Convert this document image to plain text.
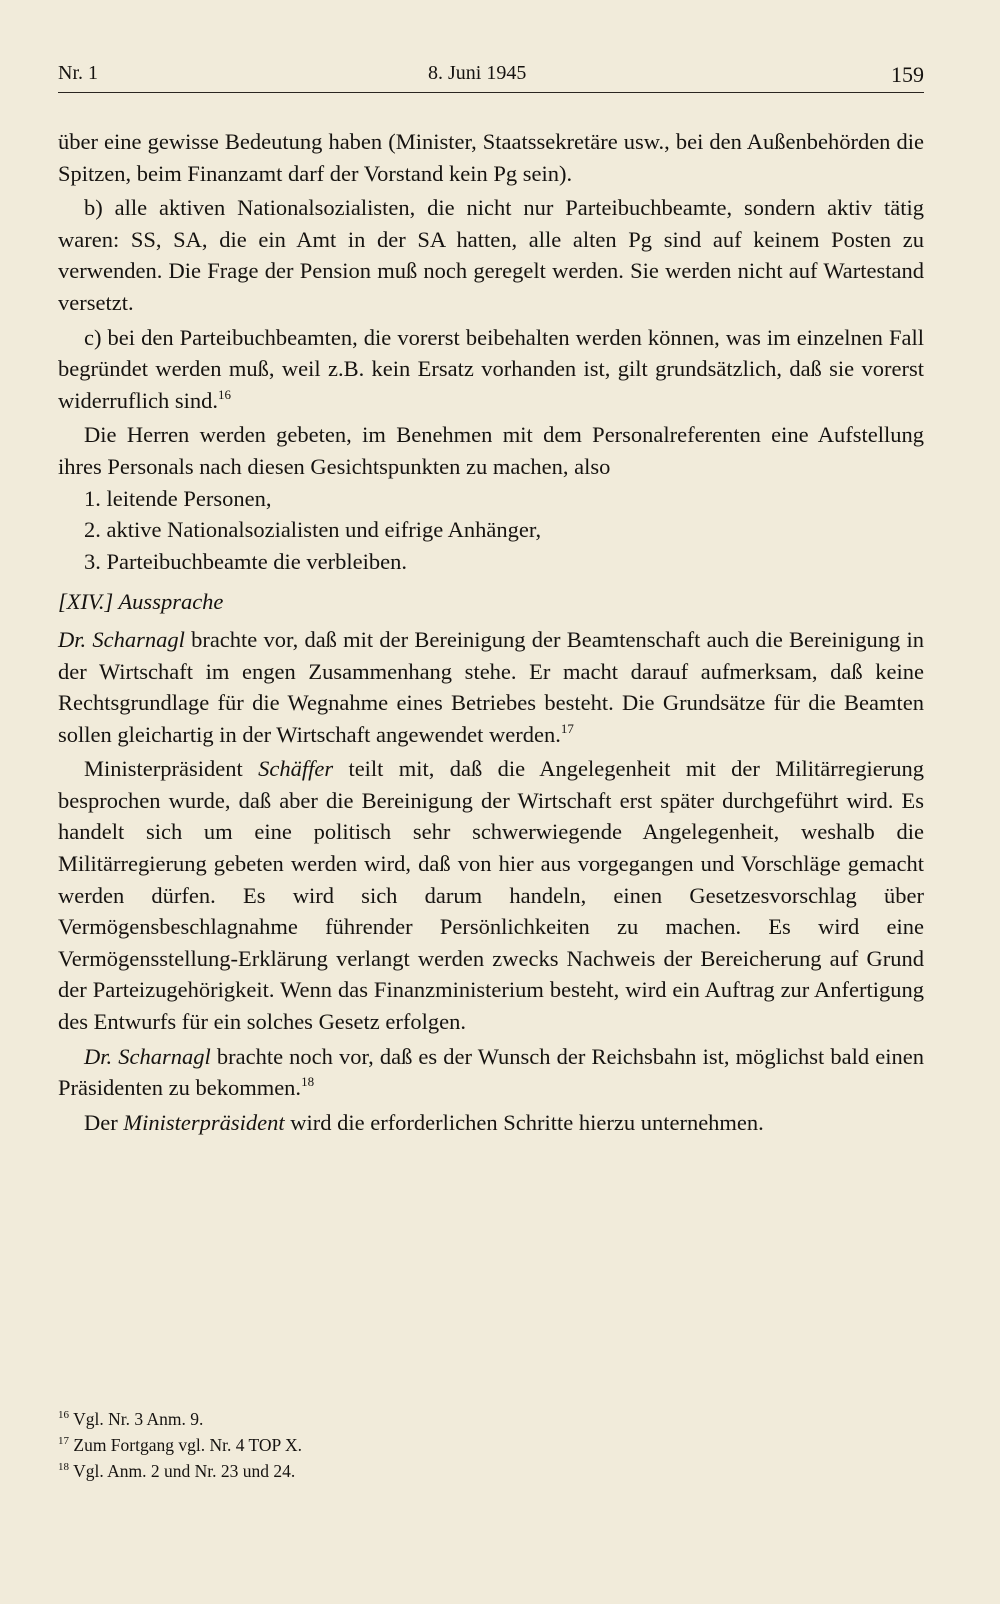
Nr. 1	8. Juni 1945	159

über eine gewisse Bedeutung haben (Minister, Staatssekretäre usw., bei den Außenbehörden die Spitzen, beim Finanzamt darf der Vorstand kein Pg sein).

b) alle aktiven Nationalsozialisten, die nicht nur Parteibuchbeamte, sondern aktiv tätig waren: SS, SA, die ein Amt in der SA hatten, alle alten Pg sind auf keinem Posten zu verwenden. Die Frage der Pension muß noch geregelt werden. Sie werden nicht auf Wartestand versetzt.

c) bei den Parteibuchbeamten, die vorerst beibehalten werden können, was im einzelnen Fall begründet werden muß, weil z.B. kein Ersatz vorhanden ist, gilt grundsätzlich, daß sie vorerst widerruflich sind.$^{16}$

Die Herren werden gebeten, im Benehmen mit dem Personalreferenten eine Aufstellung ihres Personals nach diesen Gesichtspunkten zu machen, also

1. leitende Personen,

2. aktive Nationalsozialisten und eifrige Anhänger,

3. Parteibuchbeamte die verbleiben.

[XIV.] Aussprache

Dr. Scharnagl brachte vor, daß mit der Bereinigung der Beamtenschaft auch die Bereinigung in der Wirtschaft im engen Zusammenhang stehe. Er macht darauf aufmerksam, daß keine Rechtsgrundlage für die Wegnahme eines Betriebes besteht. Die Grundsätze für die Beamten sollen gleichartig in der Wirtschaft angewendet werden.$^{17}$

Ministerpräsident Schäffer teilt mit, daß die Angelegenheit mit der Militärregierung besprochen wurde, daß aber die Bereinigung der Wirtschaft erst später durchgeführt wird. Es handelt sich um eine politisch sehr schwerwiegende Angelegenheit, weshalb die Militärregierung gebeten werden wird, daß von hier aus vorgegangen und Vorschläge gemacht werden dürfen. Es wird sich darum handeln, einen Gesetzesvorschlag über Vermögensbeschlagnahme führender Persönlichkeiten zu machen. Es wird eine Vermögensstellung-Erklärung verlangt werden zwecks Nachweis der Bereicherung auf Grund der Parteizugehörigkeit. Wenn das Finanzministerium besteht, wird ein Auftrag zur Anfertigung des Entwurfs für ein solches Gesetz erfolgen.

Dr. Scharnagl brachte noch vor, daß es der Wunsch der Reichsbahn ist, möglichst bald einen Präsidenten zu bekommen.$^{18}$

Der Ministerpräsident wird die erforderlichen Schritte hierzu unternehmen.

$^{16}$ Vgl. Nr. 3 Anm. 9.

$^{17}$ Zum Fortgang vgl. Nr. 4 TOP X.

$^{18}$ Vgl. Anm. 2 und Nr. 23 und 24.
